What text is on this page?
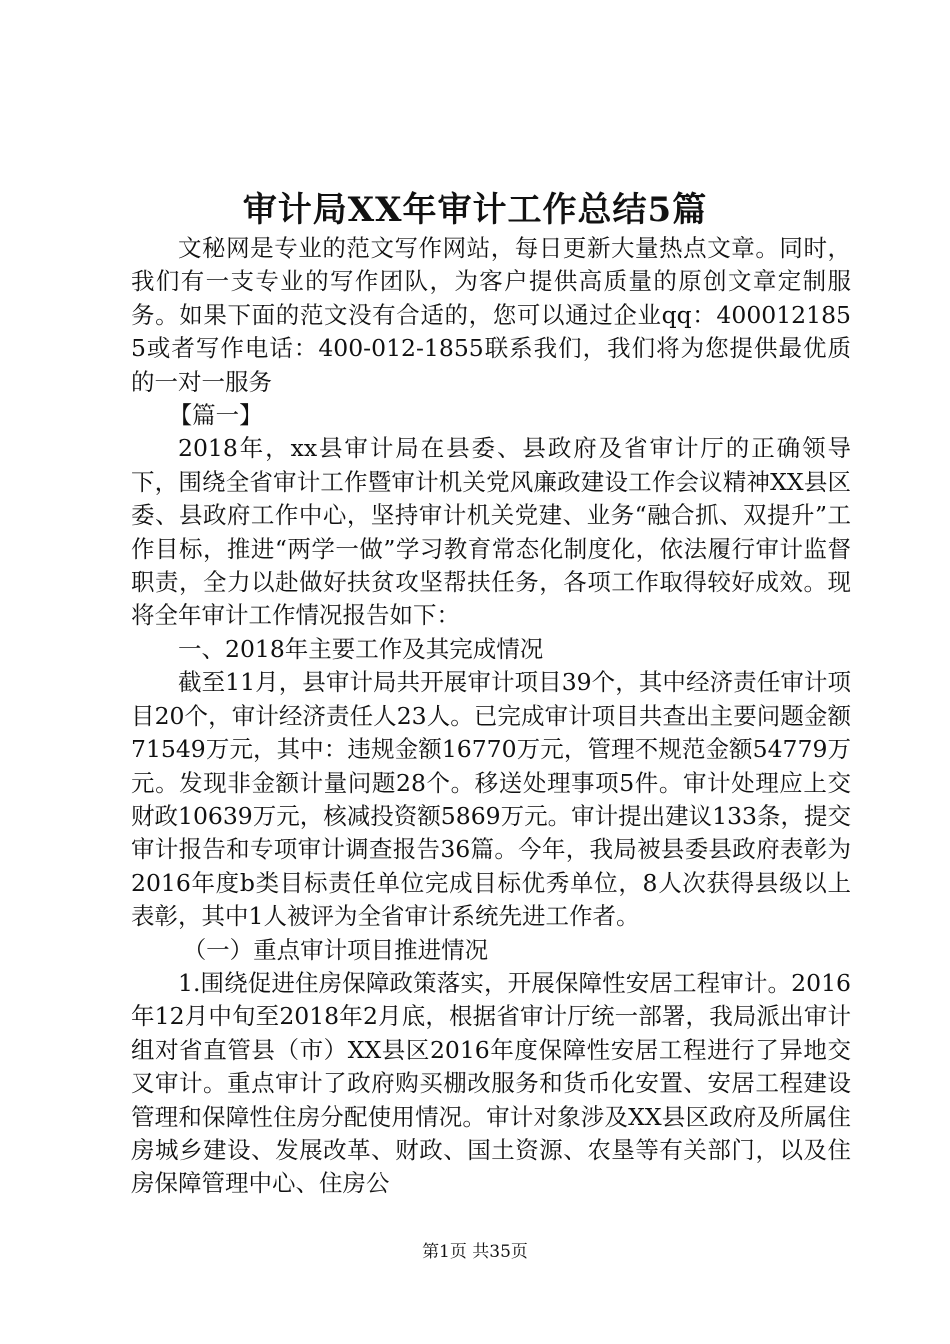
审计局XX年审计工作总结5篇

文秘网是专业的范文写作网站，每日更新大量热点文章。同时，我们有一支专业的写作团队，为客户提供高质量的原创文章定制服务。如果下面的范文没有合适的，您可以通过企业qq：4000121855或者写作电话：400-012-1855联系我们，我们将为您提供最优质的一对一服务

【篇一】

2018年，xx县审计局在县委、县政府及省审计厅的正确领导下，围绕全省审计工作暨审计机关党风廉政建设工作会议精神XX县区委、县政府工作中心，坚持审计机关党建、业务“融合抓、双提升”工作目标，推进“两学一做”学习教育常态化制度化，依法履行审计监督职责，全力以赴做好扶贫攻坚帮扶任务，各项工作取得较好成效。现将全年审计工作情况报告如下：

一、2018年主要工作及其完成情况

截至11月，县审计局共开展审计项目39个，其中经济责任审计项目20个，审计经济责任人23人。已完成审计项目共查出主要问题金额71549万元，其中：违规金额16770万元，管理不规范金额54779万元。发现非金额计量问题28个。移送处理事项5件。审计处理应上交财政10639万元，核减投资额5869万元。审计提出建议133条，提交审计报告和专项审计调查报告36篇。今年，我局被县委县政府表彰为2016年度b类目标责任单位完成目标优秀单位，8人次获得县级以上表彰，其中1人被评为全省审计系统先进工作者。

（一）重点审计项目推进情况

1.围绕促进住房保障政策落实，开展保障性安居工程审计。2016年12月中旬至2018年2月底，根据省审计厅统一部署，我局派出审计组对省直管县（市）XX县区2016年度保障性安居工程进行了异地交叉审计。重点审计了政府购买棚改服务和货币化安置、安居工程建设管理和保障性住房分配使用情况。审计对象涉及XX县区政府及所属住房城乡建设、发展改革、财政、国土资源、农垦等有关部门，以及住房保障管理中心、住房公

第1页 共35页
